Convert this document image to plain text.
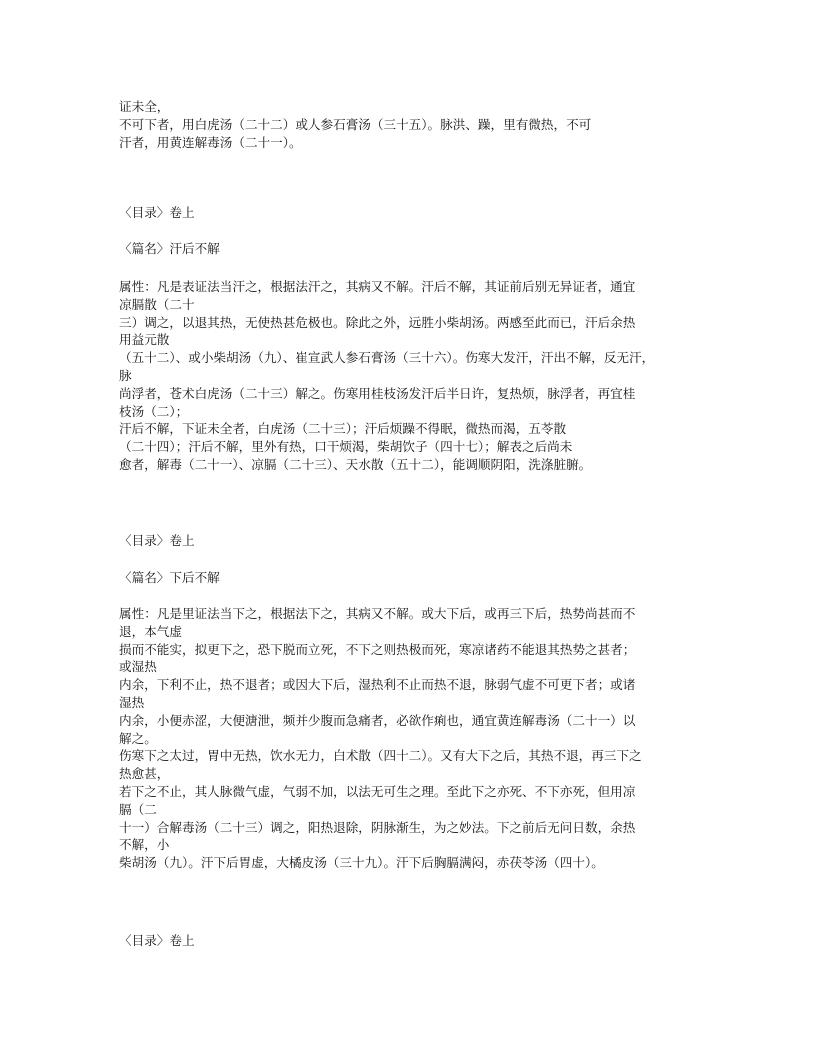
证未全，
不可下者，用白虎汤（二十二）或人参石膏汤（三十五）。脉洪、躁，里有微热，不可
汗者，用黄连解毒汤（二十一）。
〈目录〉卷上
〈篇名〉汗后不解
属性：凡是表证法当汗之，根据法汗之，其病又不解。汗后不解，其证前后别无异证者，通宜
凉膈散（二十
三）调之，以退其热，无使热甚危极也。除此之外，远胜小柴胡汤。两感至此而已，汗后余热
用益元散
（五十二）、或小柴胡汤（九）、崔宣武人参石膏汤（三十六）。伤寒大发汗，汗出不解，反无汗，
脉
尚浮者，苍术白虎汤（二十三）解之。伤寒用桂枝汤发汗后半日许，复热烦，脉浮者，再宜桂
枝汤（二）；
汗后不解，下证未全者，白虎汤（二十三）；汗后烦躁不得眠，微热而渴，五苓散
（二十四）；汗后不解，里外有热，口干烦渴，柴胡饮子（四十七）；解表之后尚未
愈者，解毒（二十一）、凉膈（二十三）、天水散（五十二），能调顺阴阳，洗涤脏腑。
〈目录〉卷上
〈篇名〉下后不解
属性：凡是里证法当下之，根据法下之，其病又不解。或大下后，或再三下后，热势尚甚而不
退，本气虚
损而不能实，拟更下之，恐下脱而立死，不下之则热极而死，寒凉诸药不能退其热势之甚者；
或湿热
内余，下利不止，热不退者；或因大下后，湿热利不止而热不退，脉弱气虚不可更下者；或诸
湿热
内余，小便赤涩，大便溏泄，频并少腹而急痛者，必欲作痢也，通宜黄连解毒汤（二十一）以
解之。
伤寒下之太过，胃中无热，饮水无力，白术散（四十二）。又有大下之后，其热不退，再三下之
热愈甚，
若下之不止，其人脉微气虚，气弱不加，以法无可生之理。至此下之亦死、不下亦死，但用凉
膈（二
十一）合解毒汤（二十三）调之，阳热退除，阴脉渐生，为之妙法。下之前后无问日数，余热
不解，小
柴胡汤（九）。汗下后胃虚，大橘皮汤（三十九）。汗下后胸膈满闷，赤茯苓汤（四十）。
〈目录〉卷上
